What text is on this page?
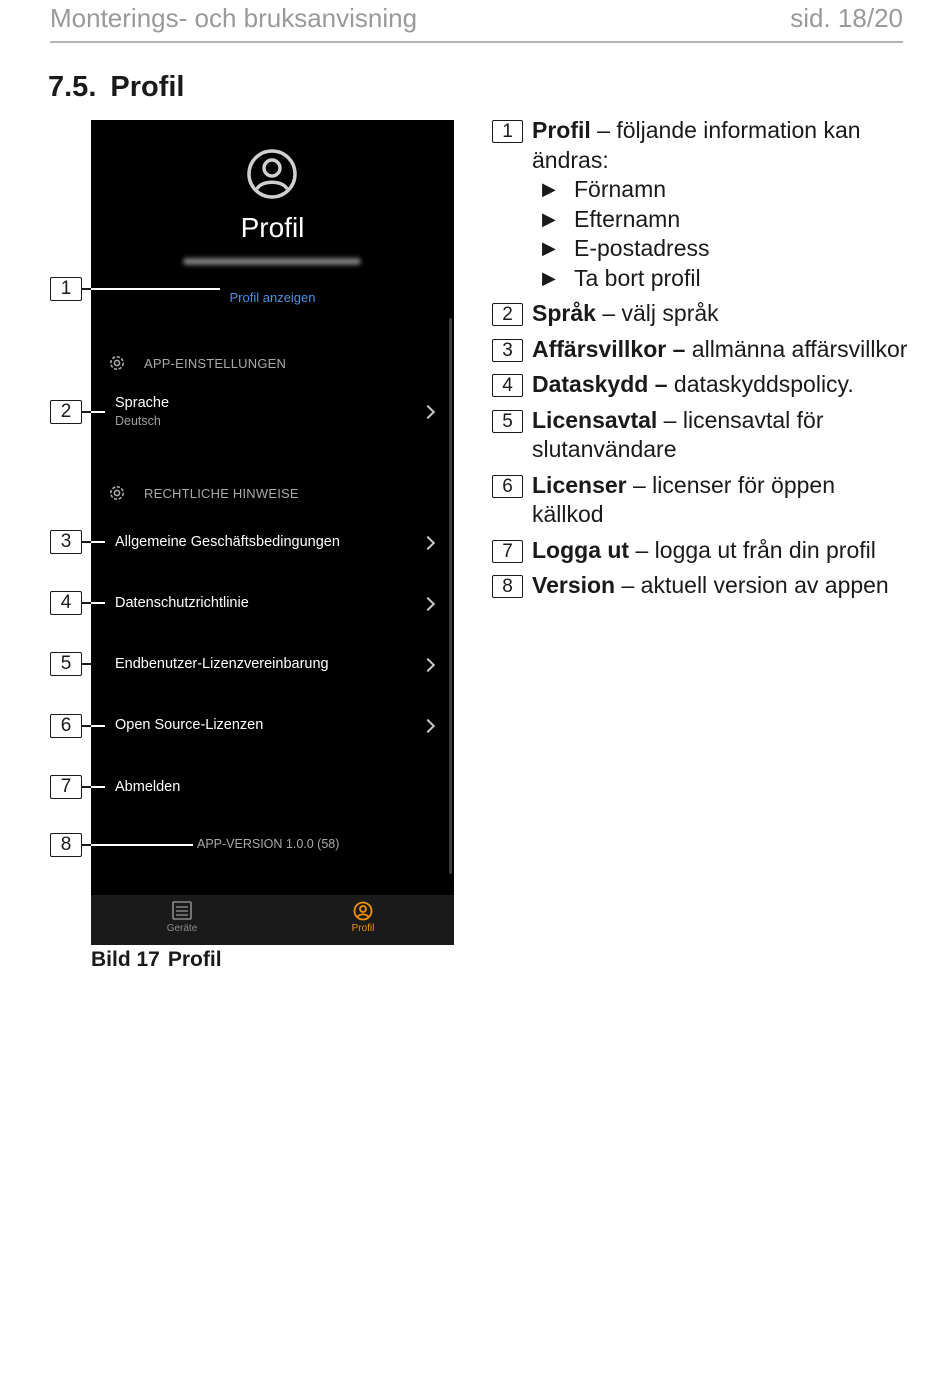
Monterings- och bruksanvisning	sid. 18/20
7.5. Profil
Profil
Profil anzeigen
APP-EINSTELLUNGEN
Sprache
Deutsch
RECHTLICHE HINWEISE
Allgemeine Geschäftsbedingungen
Datenschutzrichtlinie
Endbenutzer-Lizenzvereinbarung
Open Source-Lizenzen
Abmelden
APP-VERSION 1.0.0 (58)
Geräte	Profil
1
2
3
4
5
6
7
8
Bild 17 Profil
1 Profil – följande information kan ändras:
▶ Förnamn
▶ Efternamn
▶ E-postadress
▶ Ta bort profil
2 Språk – välj språk
3 Affärsvillkor – allmänna affärsvillkor
4 Dataskydd – dataskyddspolicy.
5 Licensavtal – licensavtal för slutanvändare
6 Licenser – licenser för öppen källkod
7 Logga ut – logga ut från din profil
8 Version – aktuell version av appen
